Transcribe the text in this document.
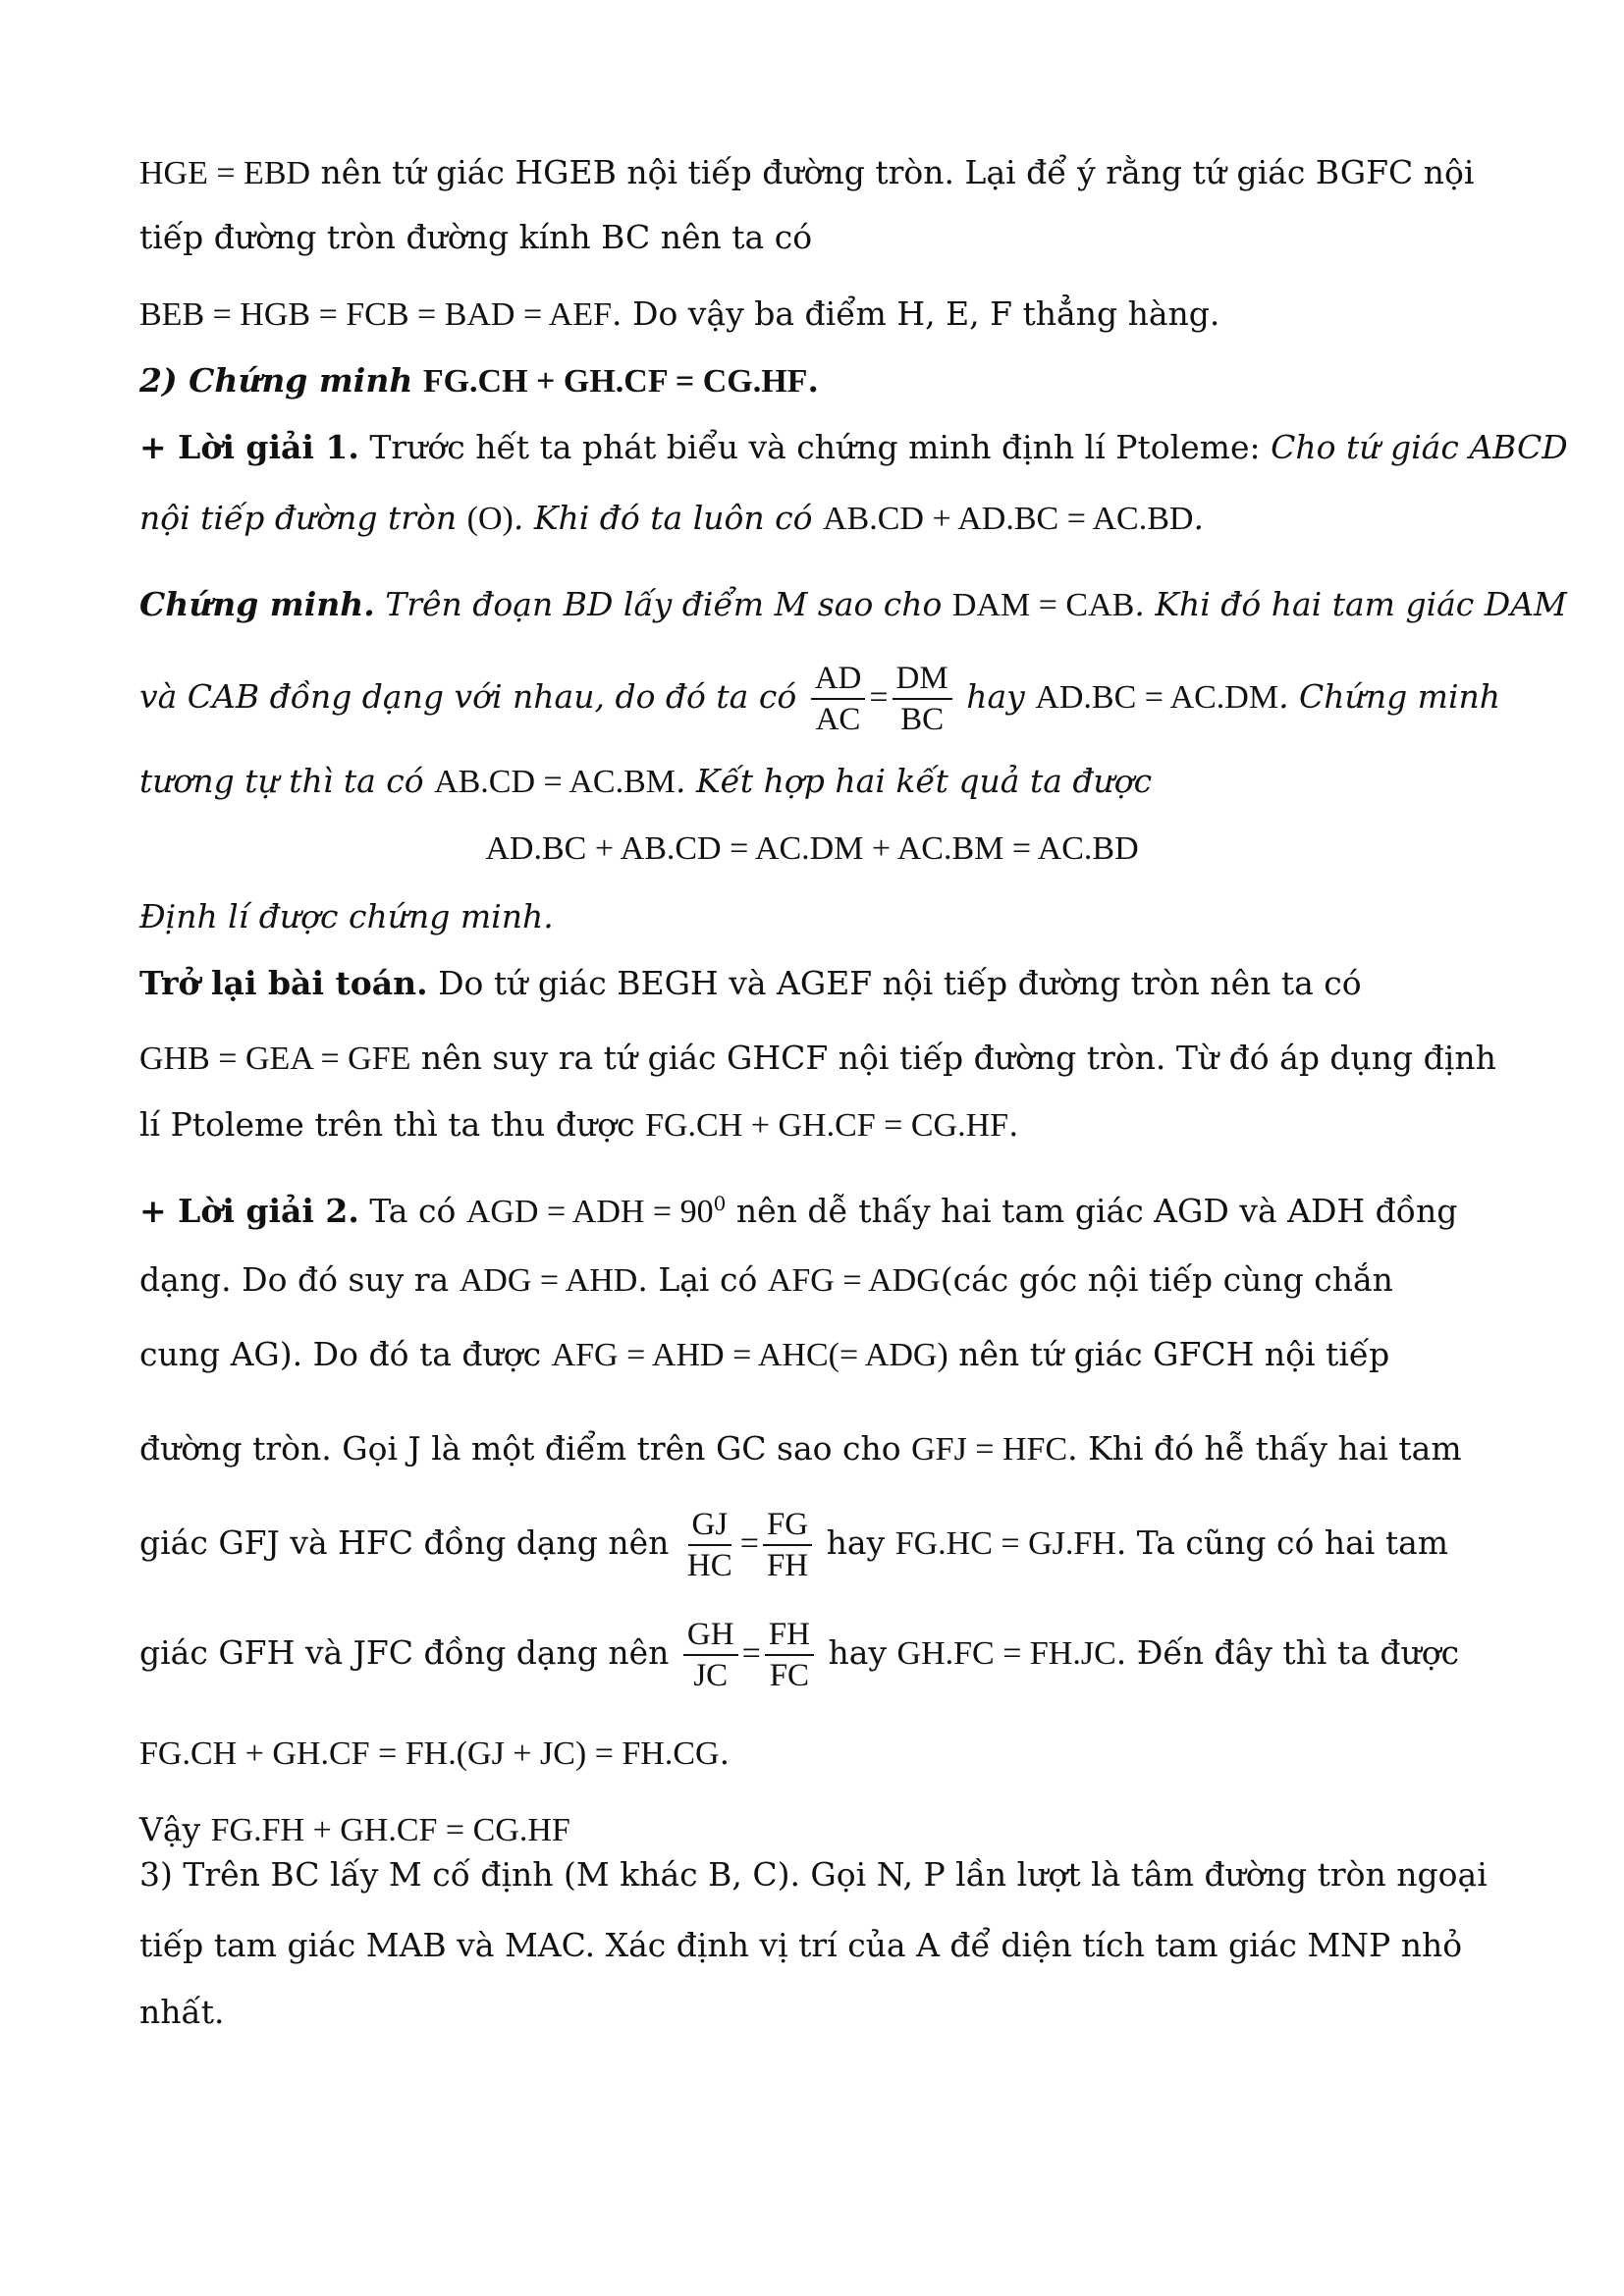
HGE = EBD nên tứ giác HGEB nội tiếp đường tròn. Lại để ý rằng tứ giác BGFC nội
tiếp đường tròn đường kính BC nên ta có
BEB = HGB = FCB = BAD = AEF. Do vậy ba điểm H, E, F thẳng hàng.
2) Chứng minh FG.CH + GH.CF = CG.HF.
+ Lời giải 1. Trước hết ta phát biểu và chứng minh định lí Ptoleme: Cho tứ giác ABCD
nội tiếp đường tròn (O). Khi đó ta luôn có AB.CD + AD.BC = AC.BD.
Chứng minh. Trên đoạn BD lấy điểm M sao cho DAM = CAB. Khi đó hai tam giác DAM
và CAB đồng dạng với nhau, do đó ta có $\frac{AD}{AC} = \frac{DM}{BC}$ hay AD.BC = AC.DM. Chứng minh
tương tự thì ta có AB.CD = AC.BM. Kết hợp hai kết quả ta được
AD.BC + AB.CD = AC.DM + AC.BM = AC.BD
Định lí được chứng minh.
Trở lại bài toán. Do tứ giác BEGH và AGEF nội tiếp đường tròn nên ta có
GHB = GEA = GFE nên suy ra tứ giác GHCF nội tiếp đường tròn. Từ đó áp dụng định
lí Ptoleme trên thì ta thu được FG.CH + GH.CF = CG.HF.
+ Lời giải 2. Ta có AGD = ADH = $90^0$ nên dễ thấy hai tam giác AGD và ADH đồng
dạng. Do đó suy ra ADG = AHD. Lại có AFG = ADG(các góc nội tiếp cùng chắn
cung AG). Do đó ta được AFG = AHD = AHC(= ADG) nên tứ giác GFCH nội tiếp
đường tròn. Gọi J là một điểm trên GC sao cho GFJ = HFC. Khi đó hễ thấy hai tam
giác GFJ và HFC đồng dạng nên $\frac{GJ}{HC} = \frac{FG}{FH}$ hay FG.HC = GJ.FH. Ta cũng có hai tam
giác GFH và JFC đồng dạng nên $\frac{GH}{JC} = \frac{FH}{FC}$ hay GH.FC = FH.JC. Đến đây thì ta được
FG.CH + GH.CF = FH.(GJ + JC) = FH.CG.
Vậy FG.FH + GH.CF = CG.HF
3) Trên BC lấy M cố định (M khác B, C). Gọi N, P lần lượt là tâm đường tròn ngoại
tiếp tam giác MAB và MAC. Xác định vị trí của A để diện tích tam giác MNP nhỏ
nhất.
